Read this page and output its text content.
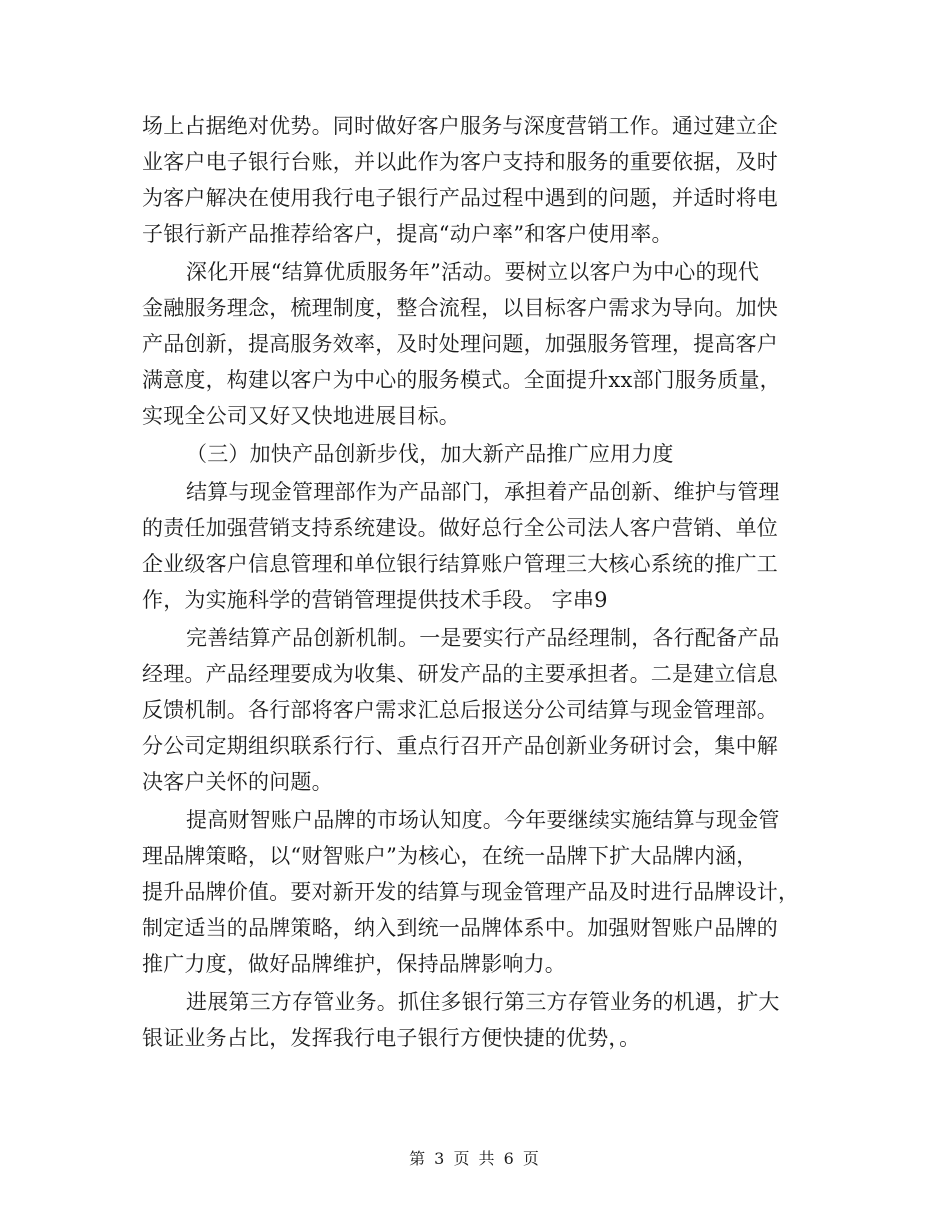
场上占据绝对优势。同时做好客户服务与深度营销工作。通过建立企
业客户电子银行台账，并以此作为客户支持和服务的重要依据，及时
为客户解决在使用我行电子银行产品过程中遇到的问题，并适时将电
子银行新产品推荐给客户，提高“动户率”和客户使用率。
深化开展“结算优质服务年”活动。要树立以客户为中心的现代
金融服务理念，梳理制度，整合流程，以目标客户需求为导向。加快
产品创新，提高服务效率，及时处理问题，加强服务管理，提高客户
满意度，构建以客户为中心的服务模式。全面提升xx部门服务质量，
实现全公司又好又快地进展目标。
（三）加快产品创新步伐，加大新产品推广应用力度
结算与现金管理部作为产品部门，承担着产品创新、维护与管理
的责任加强营销支持系统建设。做好总行全公司法人客户营销、单位
企业级客户信息管理和单位银行结算账户管理三大核心系统的推广工
作，为实施科学的营销管理提供技术手段。 字串9
完善结算产品创新机制。一是要实行产品经理制，各行配备产品
经理。产品经理要成为收集、研发产品的主要承担者。二是建立信息
反馈机制。各行部将客户需求汇总后报送分公司结算与现金管理部。
分公司定期组织联系行行、重点行召开产品创新业务研讨会，集中解
决客户关怀的问题。
提高财智账户品牌的市场认知度。今年要继续实施结算与现金管
理品牌策略，以“财智账户”为核心，在统一品牌下扩大品牌内涵，
提升品牌价值。要对新开发的结算与现金管理产品及时进行品牌设计，
制定适当的品牌策略，纳入到统一品牌体系中。加强财智账户品牌的
推广力度，做好品牌维护，保持品牌影响力。
进展第三方存管业务。抓住多银行第三方存管业务的机遇，扩大
银证业务占比，发挥我行电子银行方便快捷的优势，。
第 3 页 共 6 页
